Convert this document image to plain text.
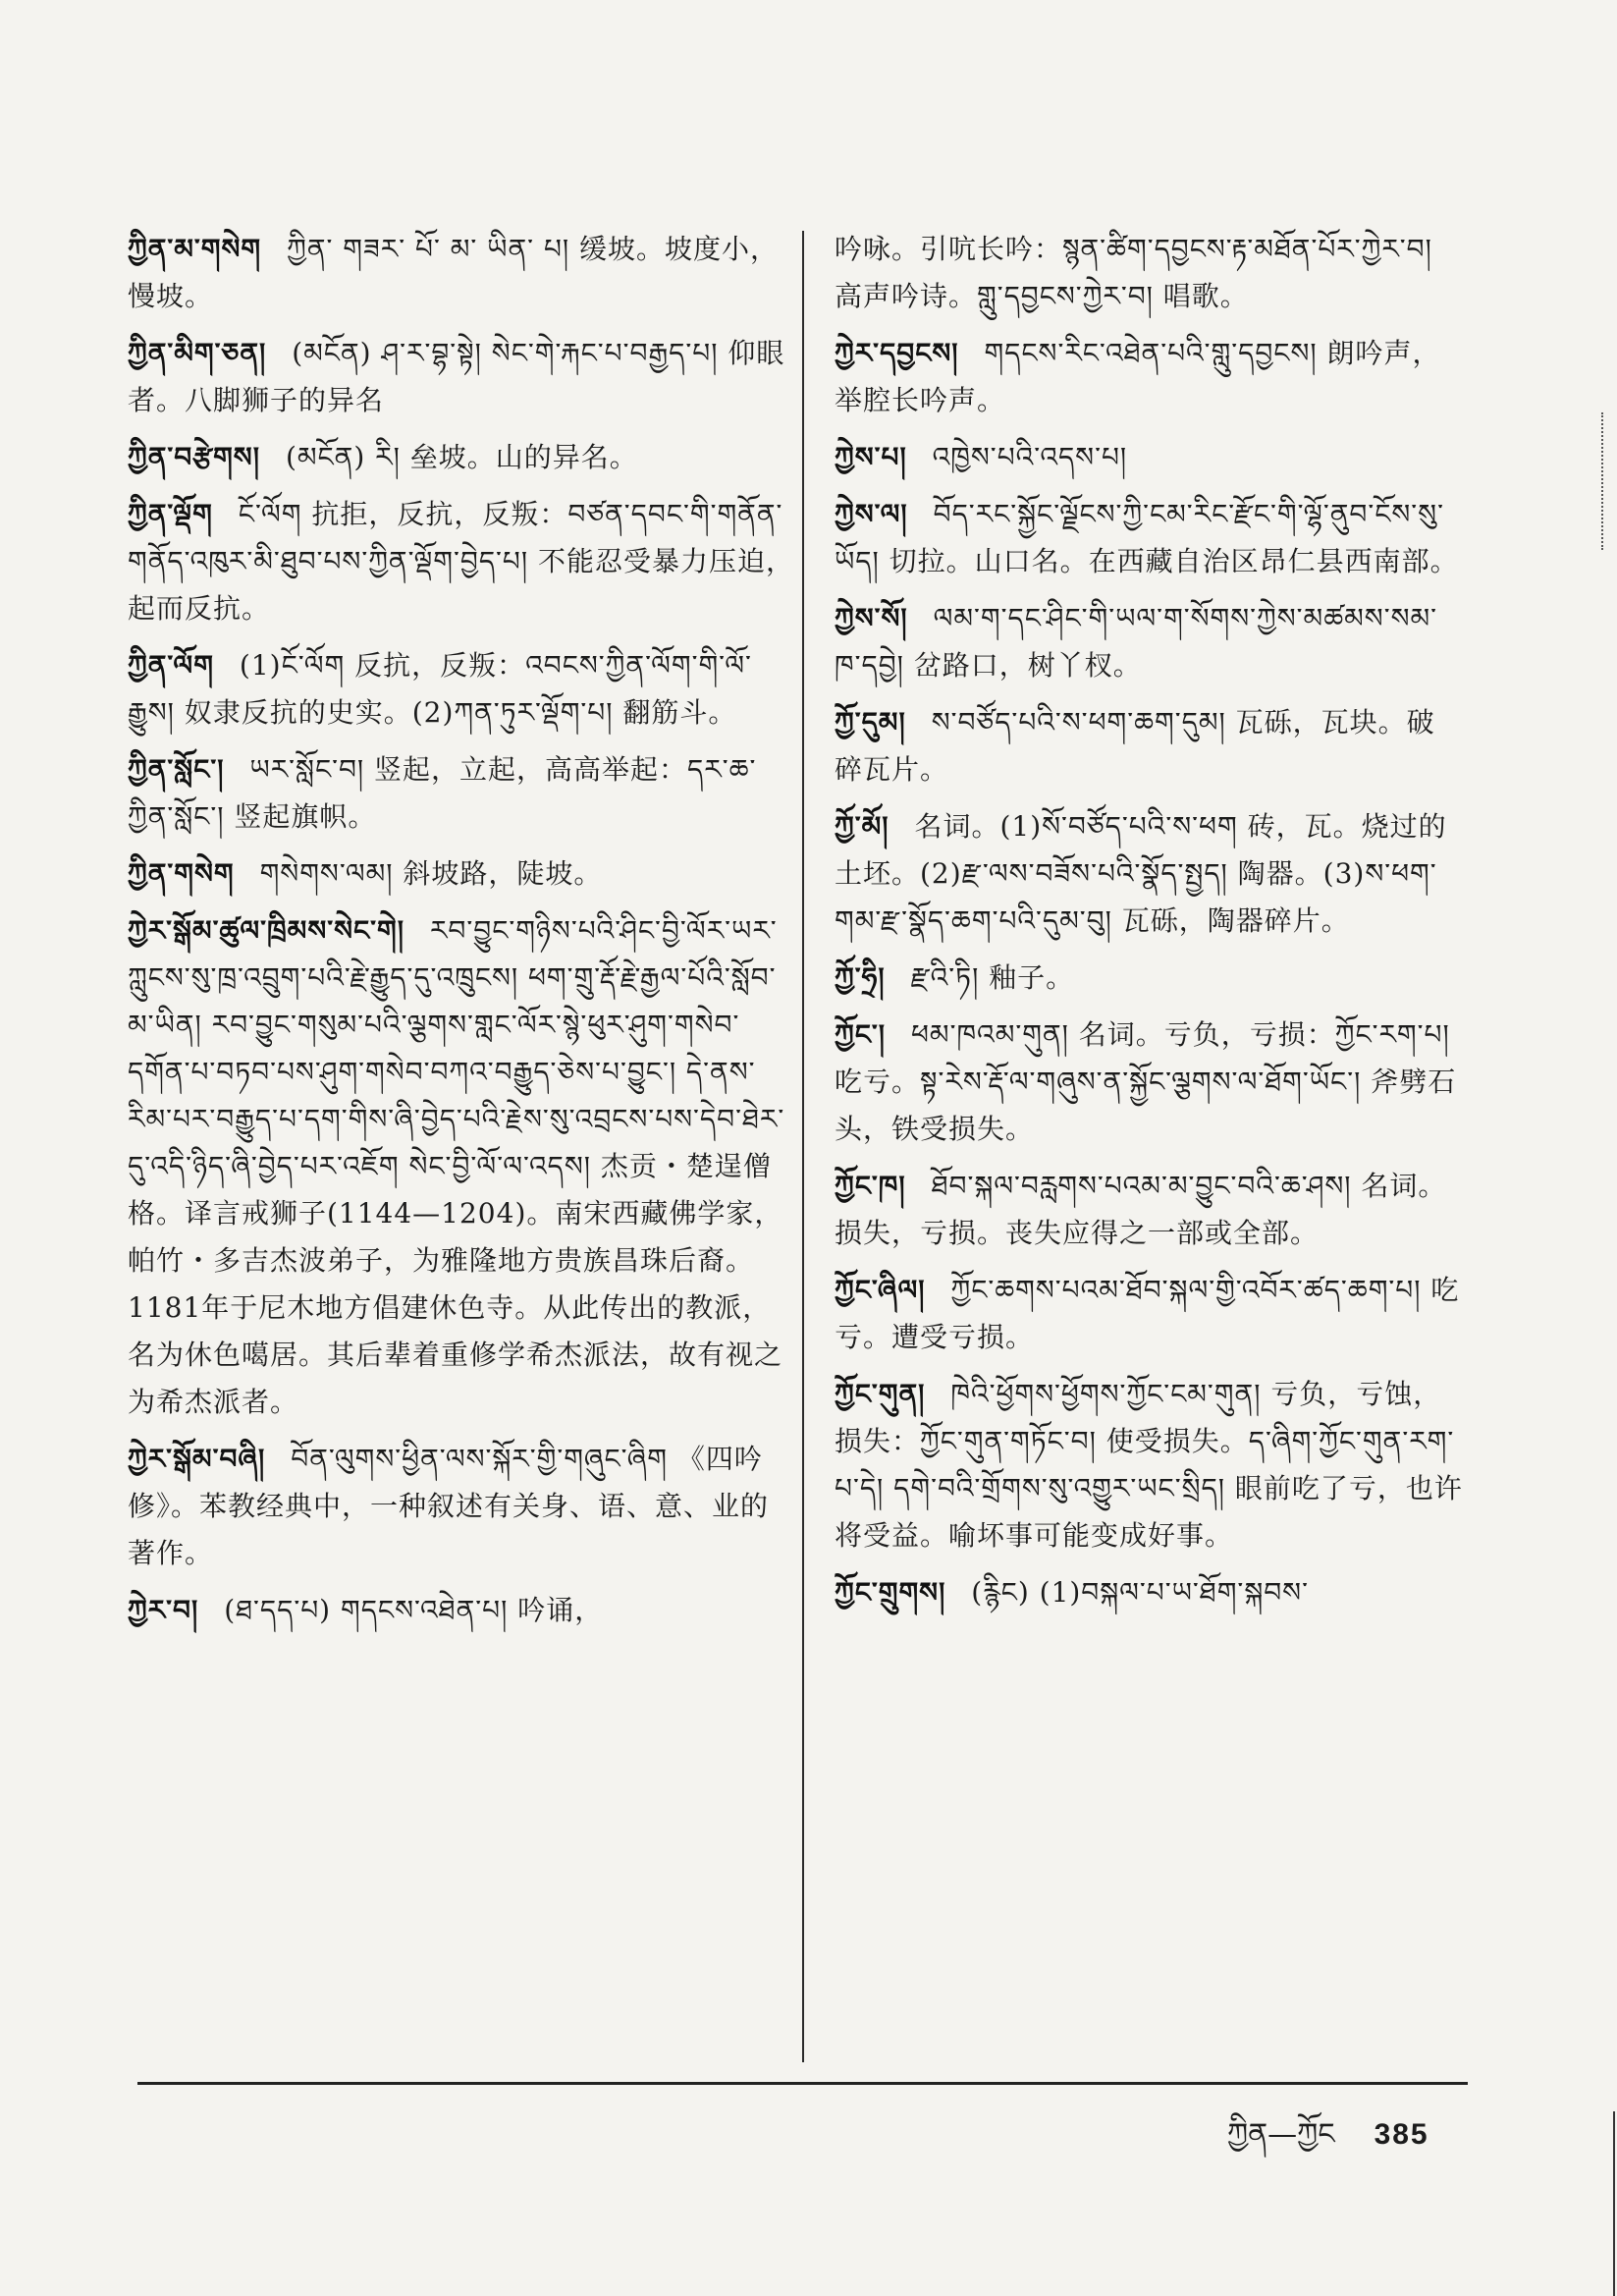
ཀྱིན་མ་གསེག ཀྱིན་ གཟར་ པོ་ མ་ ཡིན་ པ། 缓坡。坡度小，慢坡。
ཀྱིན་མིག་ཅན། (མངོན) ཤ་ར་བྷ་སྟེ། སེང་གེ་རྐང་པ་བརྒྱད་པ། 仰眼者。八脚狮子的异名
ཀྱིན་བརྩེགས། (མངོན) རི། 垒坡。山的异名。
ཀྱིན་ལྡོག ངོ་ལོག 抗拒，反抗，反叛：བཙན་དབང་གི་གནོན་གནོད་འཁུར་མི་ཐུབ་པས་ཀྱིན་ལྡོག་བྱེད་པ། 不能忍受暴力压迫，起而反抗。
ཀྱིན་ལོག (1)ངོ་ལོག 反抗，反叛：འབངས་ཀྱིན་ལོག་གི་ལོ་རྒྱུས། 奴隶反抗的史实。(2)ཀན་ཏུར་ལྡོག་པ། 翻筋斗。
ཀྱིན་སློང་། ཡར་སློང་བ། 竖起，立起，高高举起：དར་ཆ་ཀྱིན་སློང་། 竖起旗帜。
ཀྱིན་གསེག གསེགས་ལམ། 斜坡路，陡坡。
ཀྱེར་སྒོམ་ཚུལ་ཁྲིམས་སེང་གེ། རབ་བྱུང་གཉིས་པའི་ཤིང་བྱི་ལོར་ཡར་ཀླུངས་སུ་ཁྲ་འབྲུག་པའི་རྗེ་རྒྱུད་དུ་འཁྲུངས། ཕག་གྲུ་རྡོ་རྗེ་རྒྱལ་པོའི་སློབ་མ་ཡིན། རབ་བྱུང་གསུམ་པའི་ལྕགས་གླང་ལོར་སྙེ་ཕུར་ཤུག་གསེབ་དགོན་པ་བཏབ་པས་ཤུག་གསེབ་བཀའ་བརྒྱུད་ཅེས་པ་བྱུང་། དེ་ནས་རིམ་པར་བརྒྱུད་པ་དག་གིས་ཞི་བྱེད་པའི་རྗེས་སུ་འབྲངས་པས་དེབ་ཐེར་དུ་འདི་ཉིད་ཞི་བྱེད་པར་འཇོག སེང་བྱི་ལོ་ལ་འདས། 杰贡・楚逞僧格。译言戒狮子(1144—1204)。南宋西藏佛学家，帕竹・多吉杰波弟子，为雅隆地方贵族昌珠后裔。1181年于尼木地方倡建休色寺。从此传出的教派，名为休色噶居。其后辈着重修学希杰派法，故有视之为希杰派者。
ཀྱེར་སྒོམ་བཞི། བོན་ལུགས་ཕྱིན་ལས་སྐོར་གྱི་གཞུང་ཞིག 《四吟修》。苯教经典中，一种叙述有关身、语、意、业的著作。
ཀྱེར་བ། (ཐ་དད་པ) གདངས་འཐེན་པ། 吟诵，
吟咏。引吭长吟：སྙན་ཚིག་དབྱངས་རྟ་མཐོན་པོར་ཀྱེར་བ། 高声吟诗。གླུ་དབྱངས་ཀྱེར་བ། 唱歌。
ཀྱེར་དབྱངས། གདངས་རིང་འཐེན་པའི་གླུ་དབྱངས། 朗吟声，举腔长吟声。
ཀྱེས་པ། འཁྱེས་པའི་འདས་པ།
ཀྱེས་ལ། བོད་རང་སྐྱོང་ལྗོངས་ཀྱི་ངམ་རིང་རྫོང་གི་ལྷོ་ནུབ་ངོས་སུ་ཡོད། 切拉。山口名。在西藏自治区昂仁县西南部。
ཀྱེས་སོ། ལམ་ག་དང་ཤིང་གི་ཡལ་ག་སོགས་ཀྱེས་མཚམས་སམ་ཁ་དབྱེ། 岔路口，树丫杈。
ཀྱོ་དུམ། ས་བཙོད་པའི་ས་ཕག་ཆག་དུམ། 瓦砾，瓦块。破碎瓦片。
ཀྱོ་མོ། 名词。(1)སོ་བཙོད་པའི་ས་ཕག 砖，瓦。烧过的土坯。(2)རྫ་ལས་བཟོས་པའི་སྣོད་སྤྱད། 陶器。(3)ས་ཕག་གམ་རྫ་སྣོད་ཆག་པའི་དུམ་བུ། 瓦砾，陶器碎片。
ཀྱོ་ཧྲི། རྫའི་ཏི། 釉子。
ཀྱོང་། ཕམ་ཁའམ་གུན། 名词。亏负，亏损：ཀྱོང་རག་པ། 吃亏。སྟ་རེས་རྡོ་ལ་གཞུས་ན་སྐྱོང་ལྕགས་ལ་ཐོག་ཡོང་། 斧劈石头，铁受损失。
ཀྱོང་ཁ། ཐོབ་སྐལ་བརླགས་པའམ་མ་བྱུང་བའི་ཆ་ཤས། 名词。损失，亏损。丧失应得之一部或全部。
ཀྱོང་ཞིལ། ཀྱོང་ཆགས་པའམ་ཐོབ་སྐལ་གྱི་འབོར་ཚད་ཆག་པ། 吃亏。遭受亏损。
ཀྱོང་གུན། ཁེའི་ཕྱོགས་ཕྱོགས་ཀྱོང་ངམ་གུན། 亏负，亏蚀，损失：ཀྱོང་གུན་གཏོང་བ། 使受损失。ད་ཞིག་ཀྱོང་གུན་རག་པ་དེ། དགེ་བའི་གྲོགས་སུ་འགྱུར་ཡང་སྲིད། 眼前吃了亏，也许将受益。喻坏事可能变成好事。
ཀྱོང་གྲུགས། (རྙིང) (1)བསྐལ་པ་ཡ་ཐོག་སྐབས་
ཀྱིན—ཀྱོང 385
